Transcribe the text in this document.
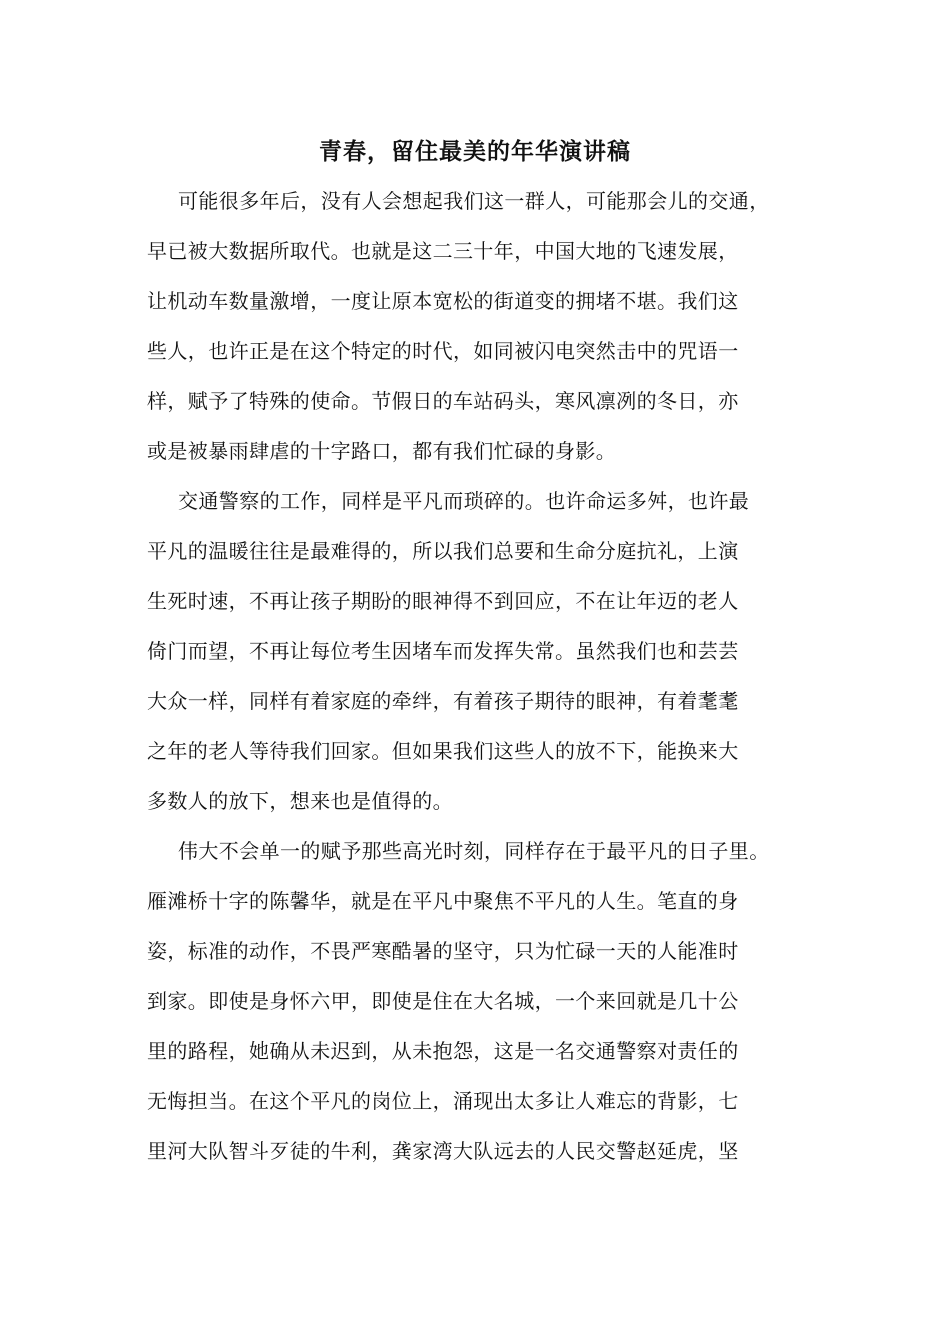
青春，留住最美的年华演讲稿
可能很多年后，没有人会想起我们这一群人，可能那会儿的交通，
早已被大数据所取代。也就是这二三十年，中国大地的飞速发展，
让机动车数量激增，一度让原本宽松的街道变的拥堵不堪。我们这
些人，也许正是在这个特定的时代，如同被闪电突然击中的咒语一
样，赋予了特殊的使命。节假日的车站码头，寒风凛冽的冬日，亦
或是被暴雨肆虐的十字路口，都有我们忙碌的身影。
交通警察的工作，同样是平凡而琐碎的。也许命运多舛，也许最
平凡的温暖往往是最难得的，所以我们总要和生命分庭抗礼，上演
生死时速，不再让孩子期盼的眼神得不到回应，不在让年迈的老人
倚门而望，不再让每位考生因堵车而发挥失常。虽然我们也和芸芸
大众一样，同样有着家庭的牵绊，有着孩子期待的眼神，有着耄耄
之年的老人等待我们回家。但如果我们这些人的放不下，能换来大
多数人的放下，想来也是值得的。
伟大不会单一的赋予那些高光时刻，同样存在于最平凡的日子里。
雁滩桥十字的陈馨华，就是在平凡中聚焦不平凡的人生。笔直的身
姿，标准的动作，不畏严寒酷暑的坚守，只为忙碌一天的人能准时
到家。即使是身怀六甲，即使是住在大名城，一个来回就是几十公
里的路程，她确从未迟到，从未抱怨，这是一名交通警察对责任的
无悔担当。在这个平凡的岗位上，涌现出太多让人难忘的背影，七
里河大队智斗歹徒的牛利，龚家湾大队远去的人民交警赵延虎，坚
